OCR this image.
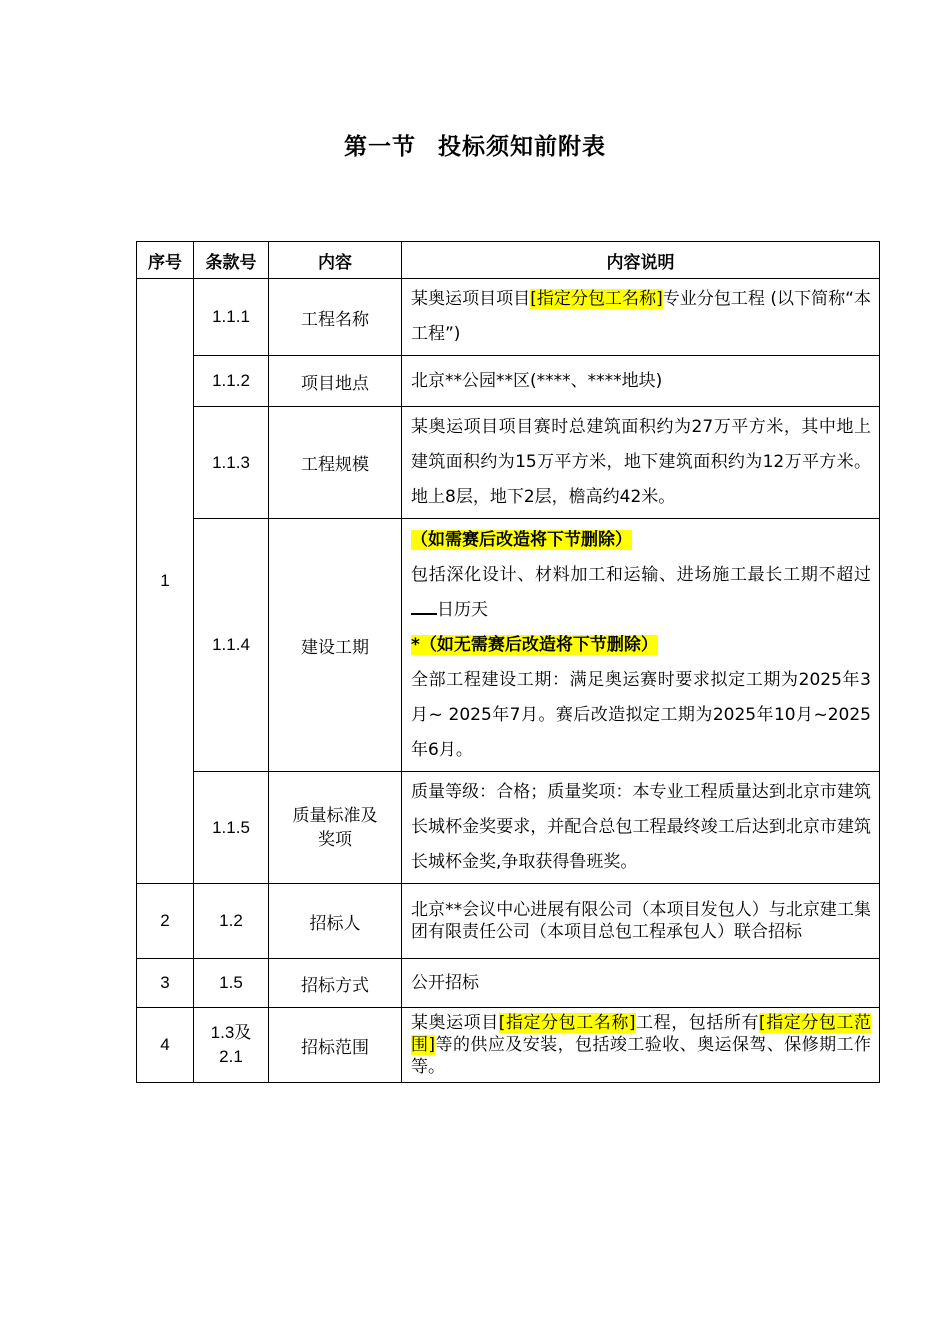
第一节 投标须知前附表
序号	条款号	内容	内容说明
1	1.1.1	工程名称	某奥运项目项目[指定分包工名称]专业分包工程 (以下简称“本工程”)
	1.1.2	项目地点	北京**公园**区(****、****地块)
	1.1.3	工程规模	某奥运项目项目赛时总建筑面积约为27万平方米，其中地上建筑面积约为15万平方米，地下建筑面积约为12万平方米。地上8层，地下2层，檐高约42米。
	1.1.4	建设工期	（如需赛后改造将下节删除）
包括深化设计、材料加工和运输、进场施工最长工期不超过日历天
*（如无需赛后改造将下节删除）
全部工程建设工期：满足奥运赛时要求拟定工期为2025年3月~ 2025年7月。赛后改造拟定工期为2025年10月~2025年6月。

	1.1.5	质量标准及
奖项	质量等级：合格；质量奖项：本专业工程质量达到北京市建筑长城杯金奖要求，并配合总包工程最终竣工后达到北京市建筑长城杯金奖,争取获得鲁班奖。
2	1.2	招标人	北京**会议中心进展有限公司（本项目发包人）与北京建工集团有限责任公司（本项目总包工程承包人）联合招标
3	1.5	招标方式	公开招标
4	1.3及
2.1	招标范围	某奥运项目[指定分包工名称]工程，包括所有[指定分包工范围]等的供应及安装，包括竣工验收、奥运保驾、保修期工作等。
